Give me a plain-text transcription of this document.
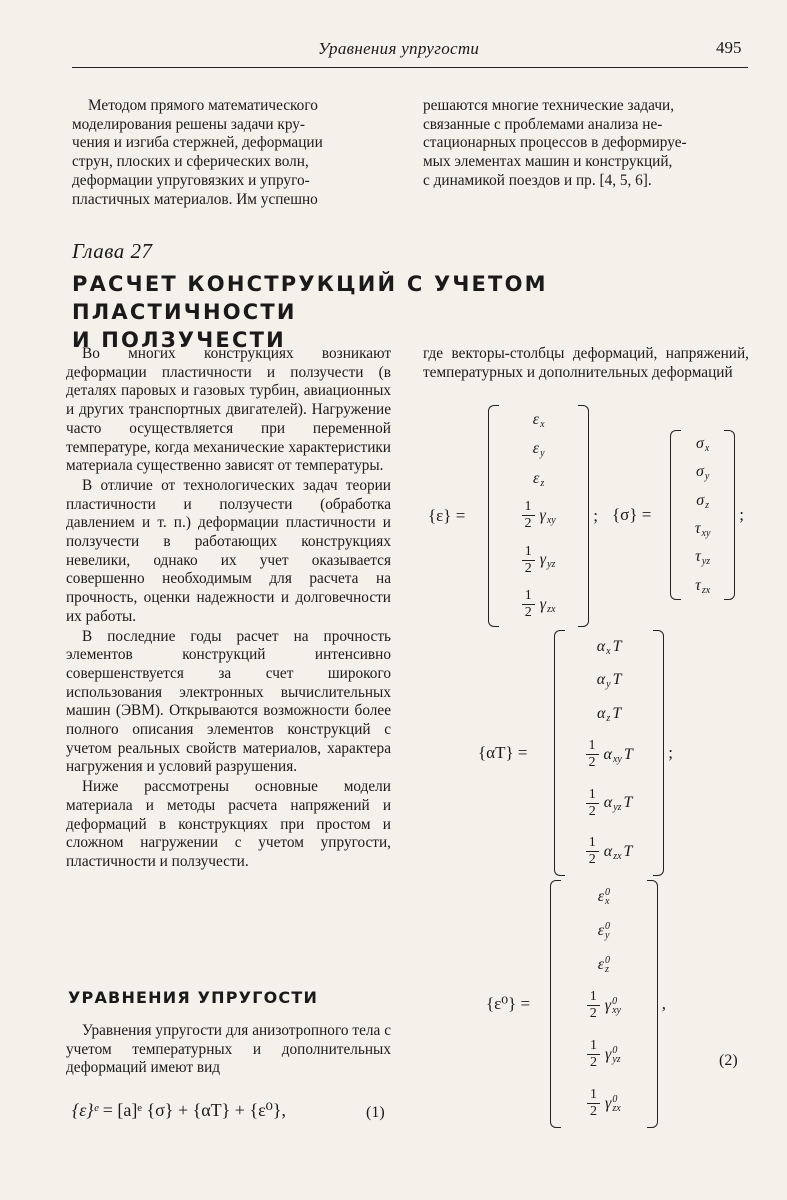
Уравнения упругости	495
Методом прямого математического
моделирования решены задачи кру-
чения и изгиба стержней, деформации
струн, плоских и сферических волн,
деформации упруговязких и упруго-
пластичных материалов. Им успешно
решаются многие технические задачи,
связанные с проблемами анализа не-
стационарных процессов в деформируе-
мых элементах машин и конструкций,
с динамикой поездов и пр. [4, 5, 6].
Глава 27
РАСЧЕТ КОНСТРУКЦИЙ С УЧЕТОМ ПЛАСТИЧНОСТИ
И ПОЛЗУЧЕСТИ

Во многих конструкциях возникают деформации пластичности и ползучести (в деталях паровых и газовых турбин, авиационных и других транспортных двигателей). Нагружение часто осуществляется при переменной температуре, когда механические характеристики материала существенно зависят от температуры.

В отличие от технологических задач теории пластичности и ползучести (обработка давлением и т. п.) деформации пластичности и ползучести в работающих конструкциях невелики, однако их учет оказывается совершенно необходимым для расчета на прочность, оценки надежности и долговечности их работы.

В последние годы расчет на прочность элементов конструкций интенсивно совершенствуется за счет широкого использования электронных вычислительных машин (ЭВМ). Открываются возможности более полного описания элементов конструкций с учетом реальных свойств материалов, характера нагружения и условий разрушения.

Ниже рассмотрены основные модели материала и методы расчета напряжений и деформаций в конструкциях при простом и сложном нагружении с учетом упругости, пластичности и ползучести.

УРАВНЕНИЯ УПРУГОСТИ

Уравнения упругости для анизотропного тела с учетом температурных и дополнительных деформаций имеют вид

{ε}ᵉ = [a]ᵉ {σ} + {αT} + {ε⁰},	(1)

где векторы-столбцы деформаций, напряжений, температурных и дополнительных деформаций

{ε} =
ε
x
ε
y
ε
z
$\frac{1}{2}$ γ
xy
$\frac{1}{2}$ γ
yz
$\frac{1}{2}$ γ
zx
; {σ} =
σ
x
σ
y
σ
z
τ
xy
τ
yz
τ
zx
;
{αT} =
α
x T
α
y T
α
z T
$\frac{1}{2}$ α
xy T
$\frac{1}{2}$ α
yz T
$\frac{1}{2}$ α
zx T
;
{ε⁰} =
ε 0
x
ε 0
y
ε 0
z
$\frac{1}{2}$ γ 0
xy
$\frac{1}{2}$ γ 0
yz
$\frac{1}{2}$ γ 0
zx
,
(2)
